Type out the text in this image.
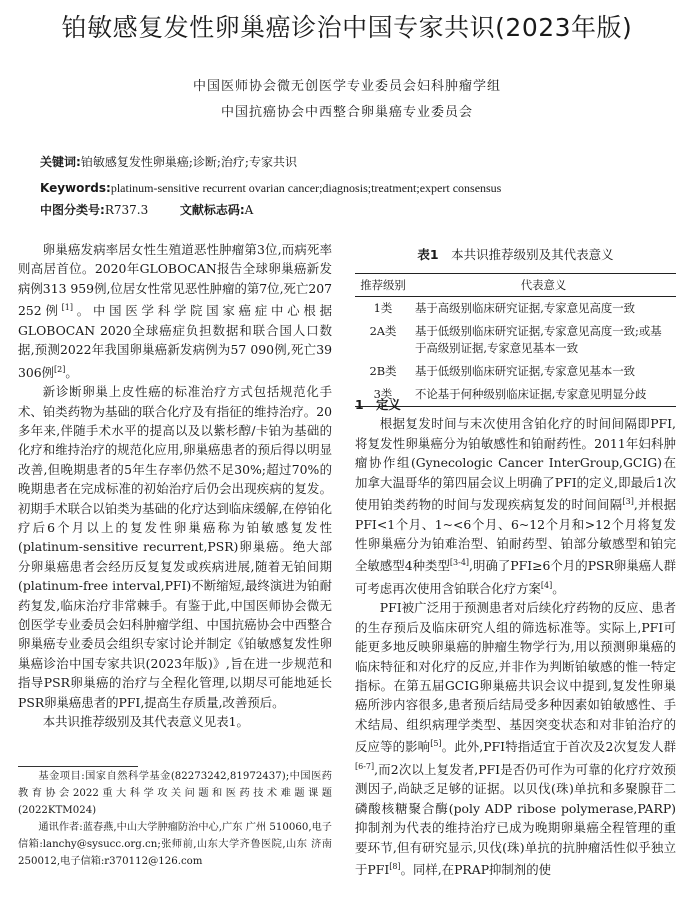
铂敏感复发性卵巢癌诊治中国专家共识(2023年版)
中国医师协会微无创医学专业委员会妇科肿瘤学组
中国抗癌协会中西整合卵巢癌专业委员会
关键词:铂敏感复发性卵巢癌;诊断;治疗;专家共识
Keywords:platinum-sensitive recurrent ovarian cancer;diagnosis;treatment;expert consensus
中图分类号:R737.3	文献标志码:A

卵巢癌发病率居女性生殖道恶性肿瘤第3位,而病死率则高居首位。2020年GLOBOCAN报告全球卵巢癌新发病例313 959例,位居女性常见恶性肿瘤的第7位,死亡207 252例[1]。中国医学科学院国家癌症中心根据GLOBOCAN 2020全球癌症负担数据和联合国人口数据,预测2022年我国卵巢癌新发病例为57 090例,死亡39 306例[2]。

新诊断卵巢上皮性癌的标准治疗方式包括规范化手术、铂类药物为基础的联合化疗及有指征的维持治疗。20多年来,伴随手术水平的提高以及以紫杉醇/卡铂为基础的化疗和维持治疗的规范化应用,卵巢癌患者的预后得以明显改善,但晚期患者的5年生存率仍然不足30%;超过70%的晚期患者在完成标准的初始治疗后仍会出现疾病的复发。初期手术联合以铂类为基础的化疗达到临床缓解,在停铂化疗后6个月以上的复发性卵巢癌称为铂敏感复发性(platinum-sensitive recurrent,PSR)卵巢癌。绝大部分卵巢癌患者会经历反复复发或疾病进展,随着无铂间期(platinum-free interval,PFI)不断缩短,最终演进为铂耐药复发,临床治疗非常棘手。有鉴于此,中国医师协会微无创医学专业委员会妇科肿瘤学组、中国抗癌协会中西整合卵巢癌专业委员会组织专家讨论并制定《铂敏感复发性卵巢癌诊治中国专家共识(2023年版)》,旨在进一步规范和指导PSR卵巢癌的治疗与全程化管理,以期尽可能地延长PSR卵巢癌患者的PFI,提高生存质量,改善预后。

本共识推荐级别及其代表意义见表1。

基金项目:国家自然科学基金(82273242,81972437);中国医药教育协会2022重大科学攻关问题和医药技术难题课题(2022KTM024)

通讯作者:蓝春燕,中山大学肿瘤防治中心,广东 广州 510060,电子信箱:lanchy@sysucc.org.cn;张师前,山东大学齐鲁医院,山东 济南 250012,电子信箱:r370112@126.com

表1　 本共识推荐级别及其代表意义
推荐级别	代表意义
1类	基于高级别临床研究证据,专家意见高度一致
2A类	基于低级别临床研究证据,专家意见高度一致;或基于高级别证据,专家意见基本一致
2B类	基于低级别临床研究证据,专家意见基本一致
3类	不论基于何种级别临床证据,专家意见明显分歧

1　定义

根据复发时间与末次使用含铂化疗的时间间隔即PFI,将复发性卵巢癌分为铂敏感性和铂耐药性。2011年妇科肿瘤协作组(Gynecologic Cancer InterGroup,GCIG)在加拿大温哥华的第四届会议上明确了PFI的定义,即最后1次使用铂类药物的时间与发现疾病复发的时间间隔[3],并根据PFI<1个月、1~<6个月、6~12个月和>12个月将复发性卵巢癌分为铂难治型、铂耐药型、铂部分敏感型和铂完全敏感型4种类型[3-4],明确了PFI≥6个月的PSR卵巢癌人群可考虑再次使用含铂联合化疗方案[4]。

PFI被广泛用于预测患者对后续化疗药物的反应、患者的生存预后及临床研究人组的筛选标准等。实际上,PFI可能更多地反映卵巢癌的肿瘤生物学行为,用以预测卵巢癌的临床特征和对化疗的反应,并非作为判断铂敏感的惟一特定指标。在第五届GCIG卵巢癌共识会议中提到,复发性卵巢癌所涉内容很多,患者预后结局受多种因素如铂敏感性、手术结局、组织病理学类型、基因突变状态和对非铂治疗的反应等的影响[5]。此外,PFI特指适宜于首次及2次复发人群[6-7],而2次以上复发者,PFI是否仍可作为可靠的化疗疗效预测因子,尚缺乏足够的证据。以贝伐(珠)单抗和多聚腺苷二磷酸核糖聚合酶(poly ADP ribose polymerase,PARP)抑制剂为代表的维持治疗已成为晚期卵巢癌全程管理的重要环节,但有研究显示,贝伐(珠)单抗的抗肿瘤活性似乎独立于PFI[8]。同样,在PRAP抑制剂的使
